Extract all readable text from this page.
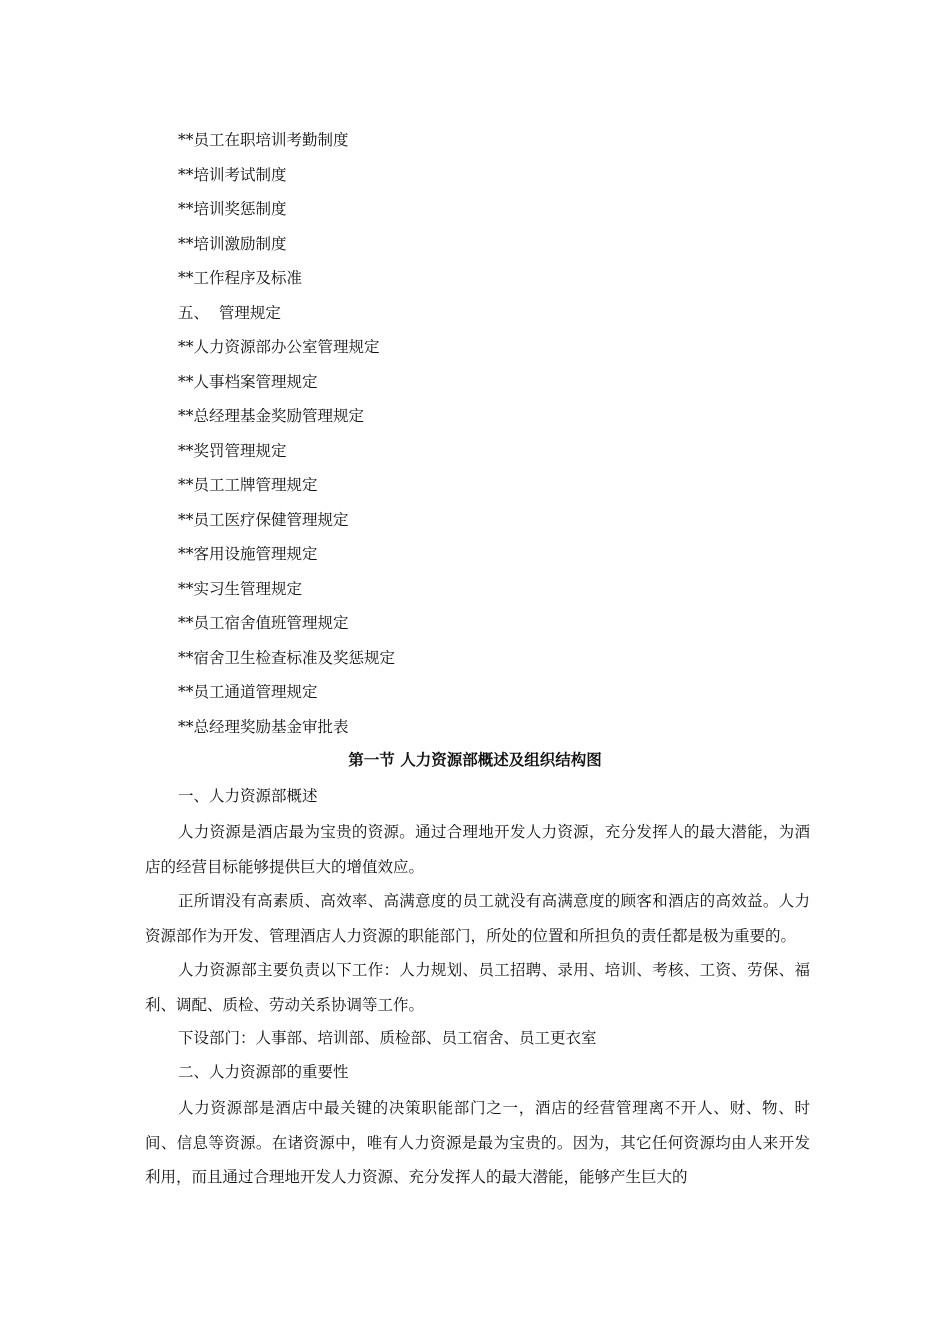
**员工在职培训考勤制度
**培训考试制度
**培训奖惩制度
**培训激励制度
**工作程序及标准
五、  管理规定
**人力资源部办公室管理规定
**人事档案管理规定
**总经理基金奖励管理规定
**奖罚管理规定
**员工工牌管理规定
**员工医疗保健管理规定
**客用设施管理规定
**实习生管理规定
**员工宿舍值班管理规定
**宿舍卫生检查标准及奖惩规定
**员工通道管理规定
**总经理奖励基金审批表
第一节 人力资源部概述及组织结构图
一、人力资源部概述
人力资源是酒店最为宝贵的资源。通过合理地开发人力资源，充分发挥人的最大潜能，为酒店的经营目标能够提供巨大的增值效应。
正所谓没有高素质、高效率、高满意度的员工就没有高满意度的顾客和酒店的高效益。人力资源部作为开发、管理酒店人力资源的职能部门，所处的位置和所担负的责任都是极为重要的。
人力资源部主要负责以下工作：人力规划、员工招聘、录用、培训、考核、工资、劳保、福利、调配、质检、劳动关系协调等工作。
下设部门：人事部、培训部、质检部、员工宿舍、员工更衣室
二、人力资源部的重要性
人力资源部是酒店中最关键的决策职能部门之一，酒店的经营管理离不开人、财、物、时间、信息等资源。在诸资源中，唯有人力资源是最为宝贵的。因为，其它任何资源均由人来开发利用，而且通过合理地开发人力资源、充分发挥人的最大潜能，能够产生巨大的
